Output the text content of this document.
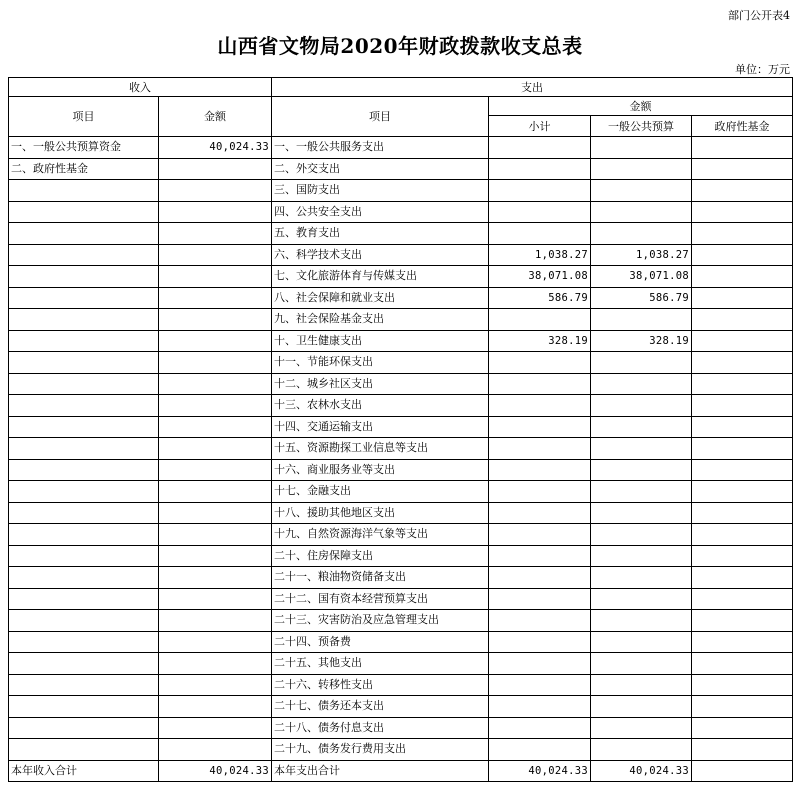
部门公开表4
山西省文物局2020年财政拨款收支总表
单位：万元
收入		支出			
项目	金额	项目	金额		
			小计	一般公共预算	政府性基金
一、一般公共预算资金	40,024.33	一、一般公共服务支出			
二、政府性基金		二、外交支出			
		三、国防支出			
		四、公共安全支出			
		五、教育支出			
		六、科学技术支出	1,038.27	1,038.27	
		七、文化旅游体育与传媒支出	38,071.08	38,071.08	
		八、社会保障和就业支出	586.79	586.79	
		九、社会保险基金支出			
		十、卫生健康支出	328.19	328.19	
		十一、节能环保支出			
		十二、城乡社区支出			
		十三、农林水支出			
		十四、交通运输支出			
		十五、资源勘探工业信息等支出			
		十六、商业服务业等支出			
		十七、金融支出			
		十八、援助其他地区支出			
		十九、自然资源海洋气象等支出			
		二十、住房保障支出			
		二十一、粮油物资储备支出			
		二十二、国有资本经营预算支出			
		二十三、灾害防治及应急管理支出			
		二十四、预备费			
		二十五、其他支出			
		二十六、转移性支出			
		二十七、债务还本支出			
		二十八、债务付息支出			
		二十九、债务发行费用支出			
本年收入合计	40,024.33	本年支出合计	40,024.33	40,024.33	
